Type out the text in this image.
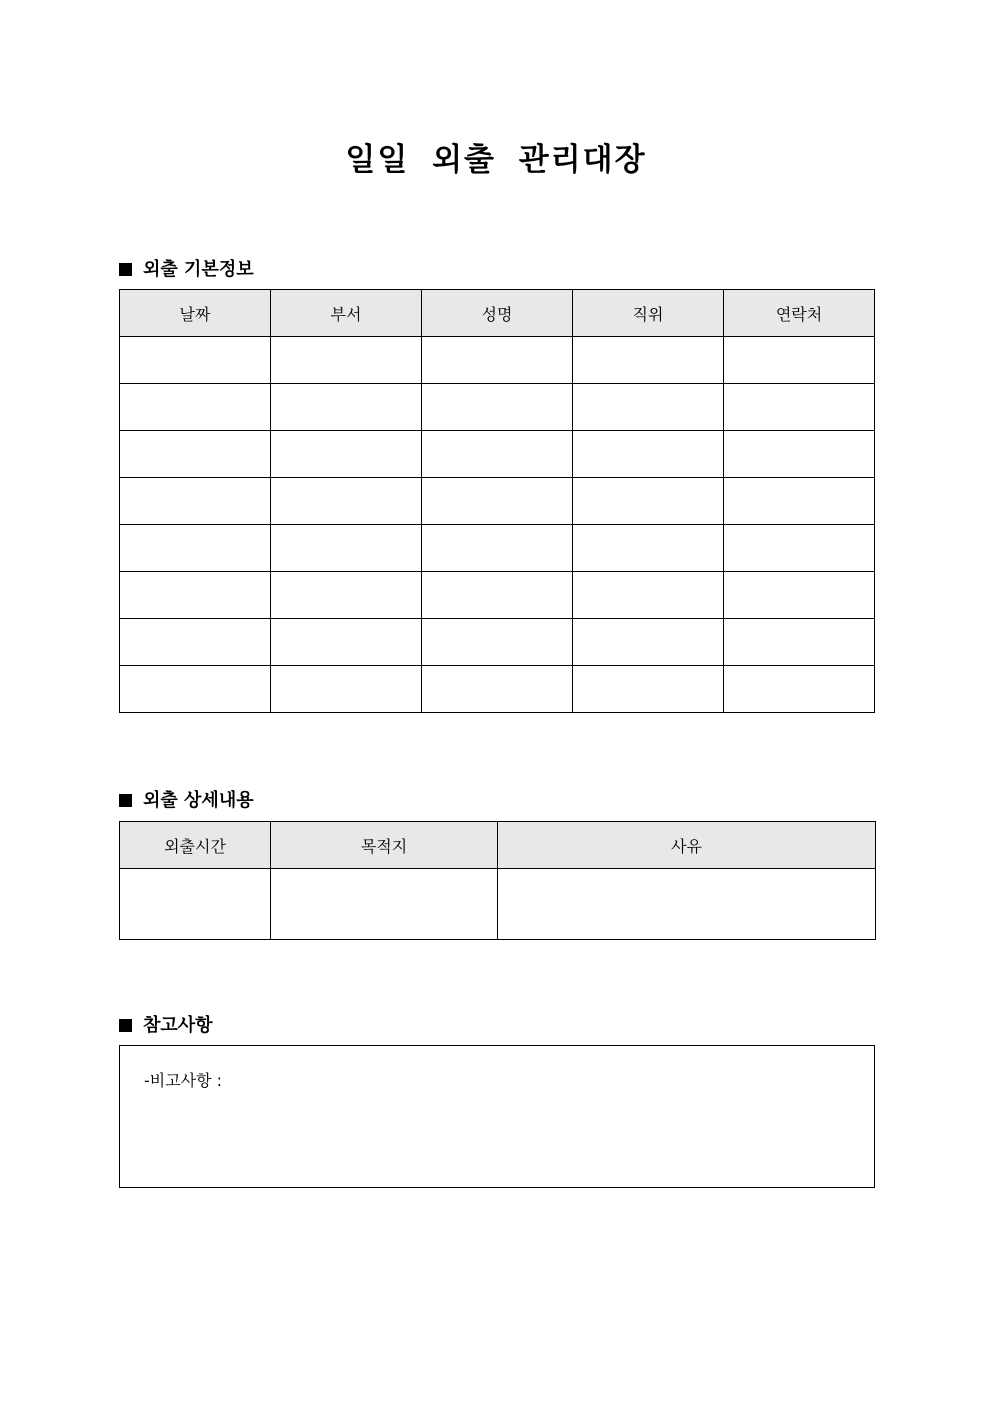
일일 외출 관리대장
외출 기본정보
날짜	부서	성명	직위	연락처

외출 상세내용
외출시간	목적지	사유

참고사항
-비고사항 :
